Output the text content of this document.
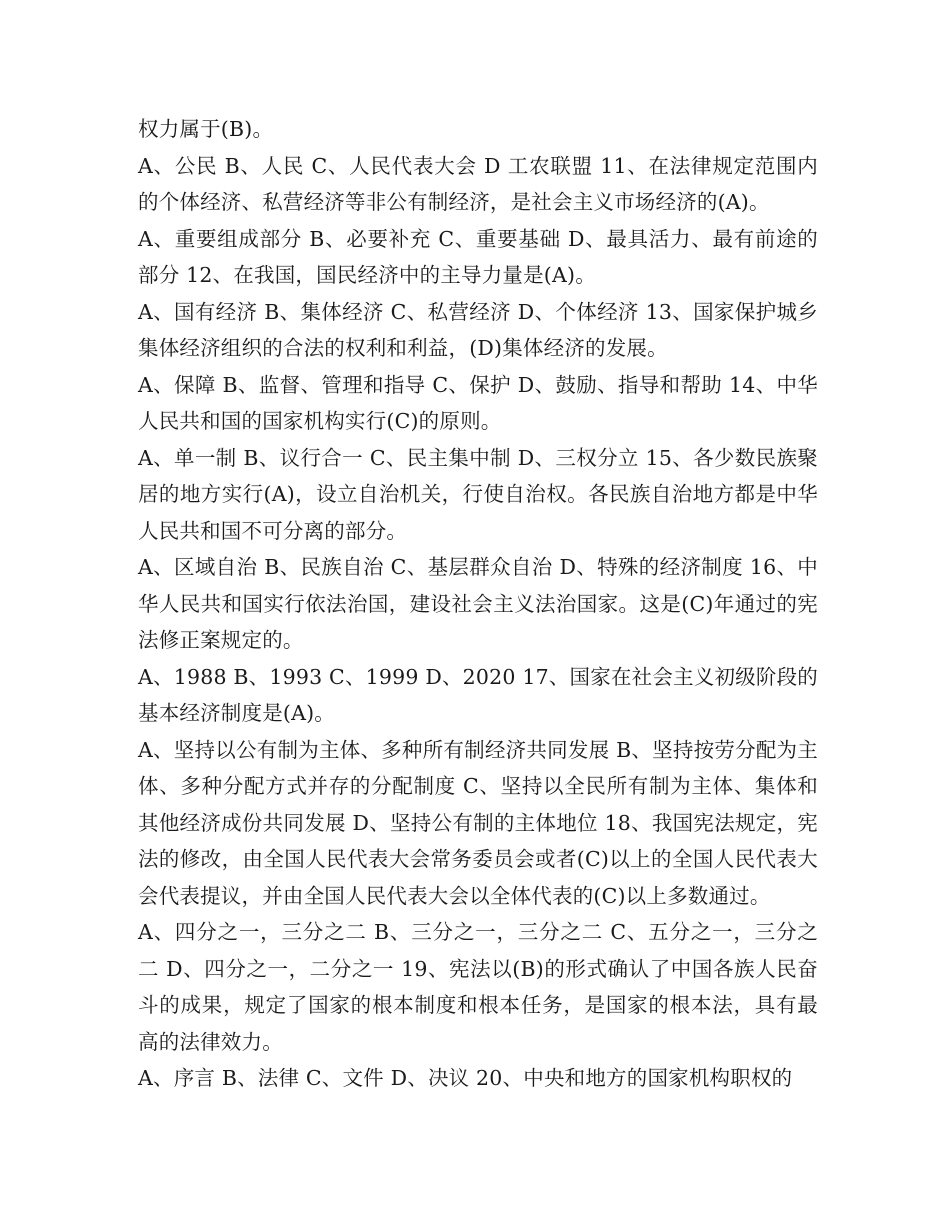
权力属于(B)。

A、公民 B、人民 C、人民代表大会 D 工农联盟 11、在法律规定范围内的个体经济、私营经济等非公有制经济，是社会主义市场经济的(A)。

A、重要组成部分 B、必要补充 C、重要基础 D、最具活力、最有前途的部分 12、在我国，国民经济中的主导力量是(A)。

A、国有经济 B、集体经济 C、私营经济 D、个体经济 13、国家保护城乡集体经济组织的合法的权利和利益，(D)集体经济的发展。

A、保障 B、监督、管理和指导 C、保护 D、鼓励、指导和帮助 14、中华人民共和国的国家机构实行(C)的原则。

A、单一制 B、议行合一 C、民主集中制 D、三权分立 15、各少数民族聚居的地方实行(A)，设立自治机关，行使自治权。各民族自治地方都是中华人民共和国不可分离的部分。

A、区域自治 B、民族自治 C、基层群众自治 D、特殊的经济制度 16、中华人民共和国实行依法治国，建设社会主义法治国家。这是(C)年通过的宪法修正案规定的。

A、1988 B、1993 C、1999 D、2020 17、国家在社会主义初级阶段的基本经济制度是(A)。

A、坚持以公有制为主体、多种所有制经济共同发展 B、坚持按劳分配为主体、多种分配方式并存的分配制度 C、坚持以全民所有制为主体、集体和其他经济成份共同发展 D、坚持公有制的主体地位 18、我国宪法规定，宪法的修改，由全国人民代表大会常务委员会或者(C)以上的全国人民代表大会代表提议，并由全国人民代表大会以全体代表的(C)以上多数通过。

A、四分之一，三分之二 B、三分之一，三分之二 C、五分之一，三分之二 D、四分之一，二分之一 19、宪法以(B)的形式确认了中国各族人民奋斗的成果，规定了国家的根本制度和根本任务，是国家的根本法，具有最高的法律效力。

A、序言 B、法律 C、文件 D、决议 20、中央和地方的国家机构职权的
